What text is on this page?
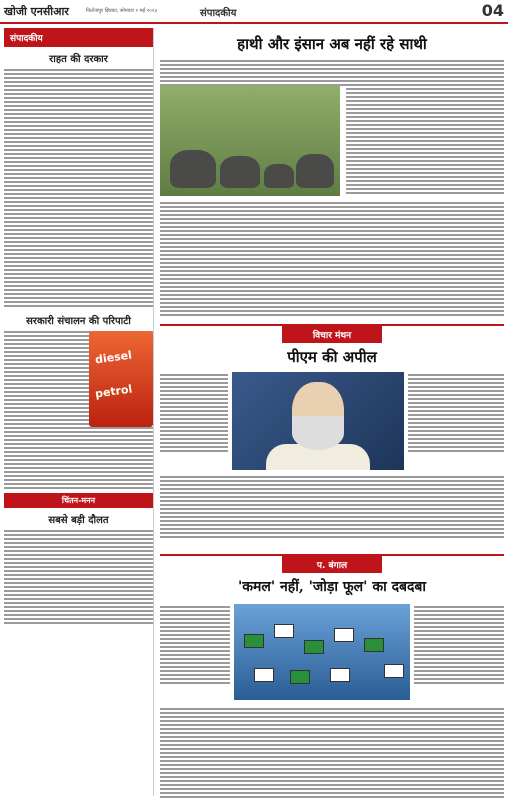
खोजी एनसीआर	फिरोजपुर झिरका, सोमवार १ मई २०२३	संपादकीय	04
संपादकीय
राहत की दरकार
सरकारी संचालन की परिपाटी
diesel
petrol
चिंतन-मनन
सबसे बड़ी दौलत
हाथी और इंसान अब नहीं रहे साथी
विचार मंथन
पीएम की अपील
प. बंगाल
'कमल' नहीं, 'जोड़ा फूल' का दबदबा
